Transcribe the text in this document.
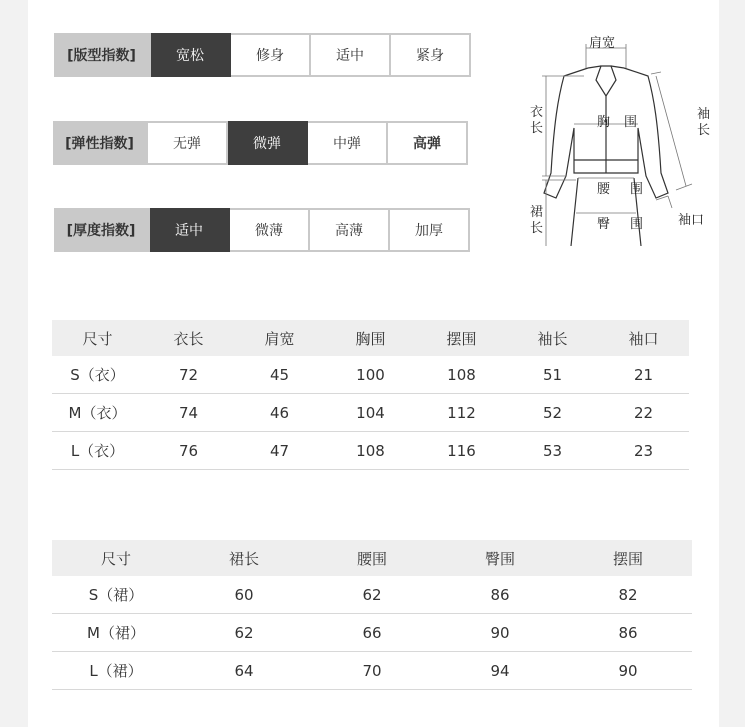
[版型指数]	宽松	修身	适中	紧身
[弹性指数]	无弹	微弹	中弹	高弹
[厚度指数]	适中	微薄	高薄	加厚
肩宽
衣
长	胸 围
袖
长
腰 围
臀 围
裙
长
袖口
尺寸	衣长	肩宽	胸围	摆围	袖长	袖口
S（衣）	72	45	100	108	51	21
M（衣）	74	46	104	112	52	22
L（衣）	76	47	108	116	53	23
尺寸	裙长	腰围	臀围	摆围
S（裙）	60	62	86	82
M（裙）	62	66	90	86
L（裙）	64	70	94	90
